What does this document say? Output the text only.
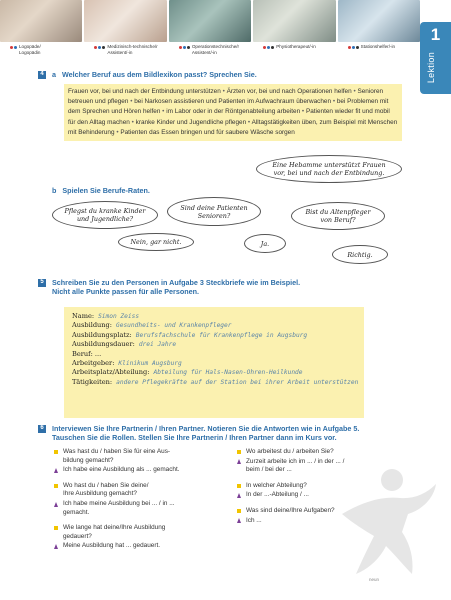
Logopäde/
Logopädin
Medizinisch-technische/r
Assistent/-in
Operationstechnische/r
Assistent/-in
Physiotherapeut/-in	Stationshelfer/-in
1
Lektion
4	a Welcher Beruf aus dem Bildlexikon passt? Sprechen Sie.
Frauen vor, bei und nach der Entbindung unterstützen • Ärzten vor, bei und nach Operationen helfen • Senioren betreuen und pflegen • bei Narkosen assistieren und Patienten im Aufwachraum überwachen • bei Problemen mit dem Sprechen und Hören helfen • im Labor oder in der Röntgenabteilung arbeiten • Patienten wieder fit und mobil für den Alltag machen • kranke Kinder und Jugendliche pflegen • Alltagstätigkeiten üben, zum Beispiel mit Menschen mit Behinderung • Patienten das Essen bringen und für saubere Wäsche sorgen
Eine Hebamme unterstützt Frauen vor, bei und nach der Entbindung.
b Spielen Sie Berufe-Raten.
Pflegst du kranke Kinder und Jugendliche?
Nein, gar nicht.
Sind deine Patienten Senioren?
Ja.
Bist du Altenpfleger von Beruf?
Richtig.
5	Schreiben Sie zu den Personen in Aufgabe 3 Steckbriefe wie im Beispiel.
Nicht alle Punkte passen für alle Personen.
Name: Simon Zeiss
Ausbildung: Gesundheits- und Krankenpfleger
Ausbildungsplatz: Berufsfachschule für Krankenpflege in Augsburg
Ausbildungsdauer: drei Jahre
Beruf: ...
Arbeitgeber: Klinikum Augsburg
Arbeitsplatz/Abteilung: Abteilung für Hals-Nasen-Ohren-Heilkunde
Tätigkeiten: andere Pflegekräfte auf der Station bei ihrer Arbeit unterstützen
6	Interviewen Sie Ihre Partnerin / Ihren Partner. Notieren Sie die Antworten wie in Aufgabe 5.
Tauschen Sie die Rollen. Stellen Sie Ihre Partnerin / Ihren Partner dann im Kurs vor.
Was hast du / haben Sie für eine Aus-
bildung gemacht?
Ich habe eine Ausbildung als ... gemacht.
Wo hast du / haben Sie deine/
Ihre Ausbildung gemacht?
Ich habe meine Ausbildung bei ... / in ...
gemacht.
Wie lange hat deine/Ihre Ausbildung
gedauert?
Meine Ausbildung hat ... gedauert.
Wo arbeitest du / arbeiten Sie?
Zurzeit arbeite ich im ... / in der ... /
beim / bei der ...
In welcher Abteilung?
In der ...-Abteilung / ...
Was sind deine/Ihre Aufgaben?
Ich ...
neun
